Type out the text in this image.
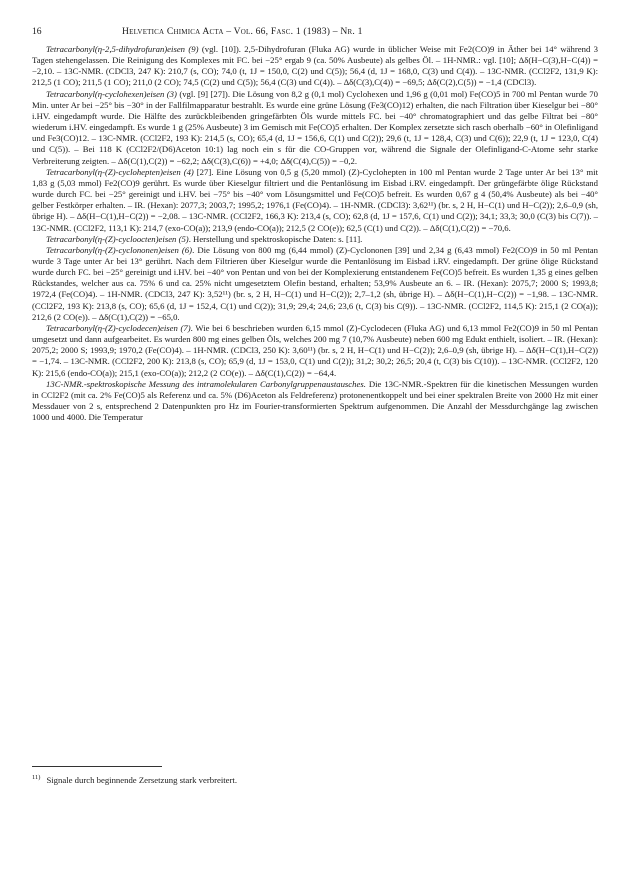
16	Helvetica Chimica Acta – Vol. 66, Fasc. 1 (1983) – Nr. 1

Tetracarbonyl(η-2,5-dihydrofuran)eisen (9) (vgl. [10]). 2,5-Dihydrofuran (Fluka AG) wurde in üblicher Weise mit Fe2(CO)9 in Äther bei 14° während 3 Tagen stehengelassen. Die Reinigung des Komplexes mit FC. bei −25° ergab 9 (ca. 50% Ausbeute) als gelbes Öl. – 1H-NMR.: vgl. [10]; Δδ(H−C(3),H−C(4)) = −2,10. – 13C-NMR. (CDCl3, 247 K): 210,7 (s, CO); 74,0 (t, 1J = 150,0, C(2) und C(5)); 56,4 (d, 1J = 168,0, C(3) und C(4)). – 13C-NMR. (CCl2F2, 131,9 K): 212,5 (1 CO); 211,5 (1 CO); 211,0 (2 CO); 74,5 (C(2) und C(5)); 56,4 (C(3) und C(4)). – Δδ(C(3),C(4)) = −69,5; Δδ(C(2),C(5)) = −1,4 (CDCl3).

Tetracarbonyl(η-cyclohexen)eisen (3) (vgl. [9] [27]). Die Lösung von 8,2 g (0,1 mol) Cyclohexen und 1,96 g (0,01 mol) Fe(CO)5 in 700 ml Pentan wurde 70 Min. unter Ar bei −25° bis −30° in der Fallfilmapparatur bestrahlt. Es wurde eine grüne Lösung (Fe3(CO)12) erhalten, die nach Filtration über Kieselgur bei −80° i.HV. eingedampft wurde. Die Hälfte des zurückbleibenden gringefärbten Öls wurde mittels FC. bei −40° chromatographiert und das gelbe Filtrat bei −80° wiederum i.HV. eingedampft. Es wurde 1 g (25% Ausbeute) 3 im Gemisch mit Fe(CO)5 erhalten. Der Komplex zersetzte sich rasch oberhalb −60° in Olefinligand und Fe3(CO)12. – 13C-NMR. (CCl2F2, 193 K): 214,5 (s, CO); 65,4 (d, 1J = 156,6, C(1) und C(2)); 29,6 (t, 1J = 128,4, C(3) und C(6)); 22,9 (t, 1J = 123,0, C(4) und C(5)). – Bei 118 K (CCl2F2/(D6)Aceton 10:1) lag noch ein s für die CO-Gruppen vor, während die Signale der Olefinligand-C-Atome sehr starke Verbreiterung zeigten. – Δδ(C(1),C(2)) = −62,2; Δδ(C(3),C(6)) = +4,0; Δδ(C(4),C(5)) = −0,2.

Tetracarbonyl(η-(Z)-cyclohepten)eisen (4) [27]. Eine Lösung von 0,5 g (5,20 mmol) (Z)-Cyclohepten in 100 ml Pentan wurde 2 Tage unter Ar bei 13° mit 1,83 g (5,03 mmol) Fe2(CO)9 gerührt. Es wurde über Kieselgur filtriert und die Pentanlösung im Eisbad i.RV. eingedampft. Der grüngefärbte ölige Rückstand wurde durch FC. bei −25° gereinigt und i.HV. bei −75° bis −40° vom Lösungsmittel und Fe(CO)5 befreit. Es wurden 0,67 g 4 (50,4% Ausbeute) als bei −40° gelber Festkörper erhalten. – IR. (Hexan): 2077,3; 2003,7; 1995,2; 1976,1 (Fe(CO)4). – 1H-NMR. (CDCl3): 3,62¹¹) (br. s, 2 H, H−C(1) und H−C(2)); 2,6–0,9 (sh, übrige H). – Δδ(H−C(1),H−C(2)) = −2,08. – 13C-NMR. (CCl2F2, 166,3 K): 213,4 (s, CO); 62,8 (d, 1J = 157,6, C(1) und C(2)); 34,1; 33,3; 30,0 (C(3) bis C(7)). – 13C-NMR. (CCl2F2, 113,1 K): 214,7 (exo-CO(a)); 213,9 (endo-CO(a)); 212,5 (2 CO(e)); 62,5 (C(1) und C(2)). – Δδ(C(1),C(2)) = −70,6.

Tetracarbonyl(η-(Z)-cycloocten)eisen (5). Herstellung und spektroskopische Daten: s. [11].

Tetracarbonyl(η-(Z)-cyclononen)eisen (6). Die Lösung von 800 mg (6,44 mmol) (Z)-Cyclononen [39] und 2,34 g (6,43 mmol) Fe2(CO)9 in 50 ml Pentan wurde 3 Tage unter Ar bei 13° gerührt. Nach dem Filtrieren über Kieselgur wurde die Pentanlösung im Eisbad i.RV. eingedampft. Der grüne ölige Rückstand wurde durch FC. bei −25° gereinigt und i.HV. bei −40° von Pentan und von bei der Komplexierung entstandenem Fe(CO)5 befreit. Es wurden 1,35 g eines gelben Rückstandes, welcher aus ca. 75% 6 und ca. 25% nicht umgesetztem Olefin bestand, erhalten; 53,9% Ausbeute an 6. – IR. (Hexan): 2075,7; 2000 S; 1993,8; 1972,4 (Fe(CO)4). – 1H-NMR. (CDCl3, 247 K): 3,52¹¹) (br. s, 2 H, H−C(1) und H−C(2)); 2,7–1,2 (sh, übrige H). – Δδ(H−C(1),H−C(2)) = −1,98. – 13C-NMR. (CCl2F2, 193 K): 213,8 (s, CO); 65,6 (d, 1J = 152,4, C(1) und C(2)); 31,9; 29,4; 24,6; 23,6 (t, C(3) bis C(9)). – 13C-NMR. (CCl2F2, 114,5 K): 215,1 (2 CO(a)); 212,6 (2 CO(e)). – Δδ(C(1),C(2)) = −65,0.

Tetracarbonyl(η-(Z)-cyclodecen)eisen (7). Wie bei 6 beschrieben wurden 6,15 mmol (Z)-Cyclodecen (Fluka AG) und 6,13 mmol Fe2(CO)9 in 50 ml Pentan umgesetzt und dann aufgearbeitet. Es wurden 800 mg eines gelben Öls, welches 200 mg 7 (10,7% Ausbeute) neben 600 mg Edukt enthielt, isoliert. – IR. (Hexan): 2075,2; 2000 S; 1993,9; 1970,2 (Fe(CO)4). – 1H-NMR. (CDCl3, 250 K): 3,60¹¹) (br. s, 2 H, H−C(1) und H−C(2)); 2,6–0,9 (sh, übrige H). – Δδ(H−C(1),H−C(2)) = −1,74. – 13C-NMR. (CCl2F2, 200 K): 213,8 (s, CO); 65,9 (d, 1J = 153,0, C(1) und C(2)); 31,2; 30,2; 26,5; 20,4 (t, C(3) bis C(10)). – 13C-NMR. (CCl2F2, 120 K): 215,6 (endo-CO(a)); 215,1 (exo-CO(a)); 212,2 (2 CO(e)). – Δδ(C(1),C(2)) = −64,4.

13C-NMR.-spektroskopische Messung des intramolekularen Carbonylgruppenaustausches. Die 13C-NMR.-Spektren für die kinetischen Messungen wurden in CCl2F2 (mit ca. 2% Fe(CO)5 als Referenz und ca. 5% (D6)Aceton als Feldreferenz) protonenentkoppelt und bei einer spektralen Breite von 2000 Hz mit einer Messdauer von 2 s, entsprechend 2 Datenpunkten pro Hz im Fourier-transformierten Spektrum aufgenommen. Die Anzahl der Messdurchgänge lag zwischen 1000 und 4000. Die Temperatur

$^{11)}$ Signale durch beginnende Zersetzung stark verbreitert.
